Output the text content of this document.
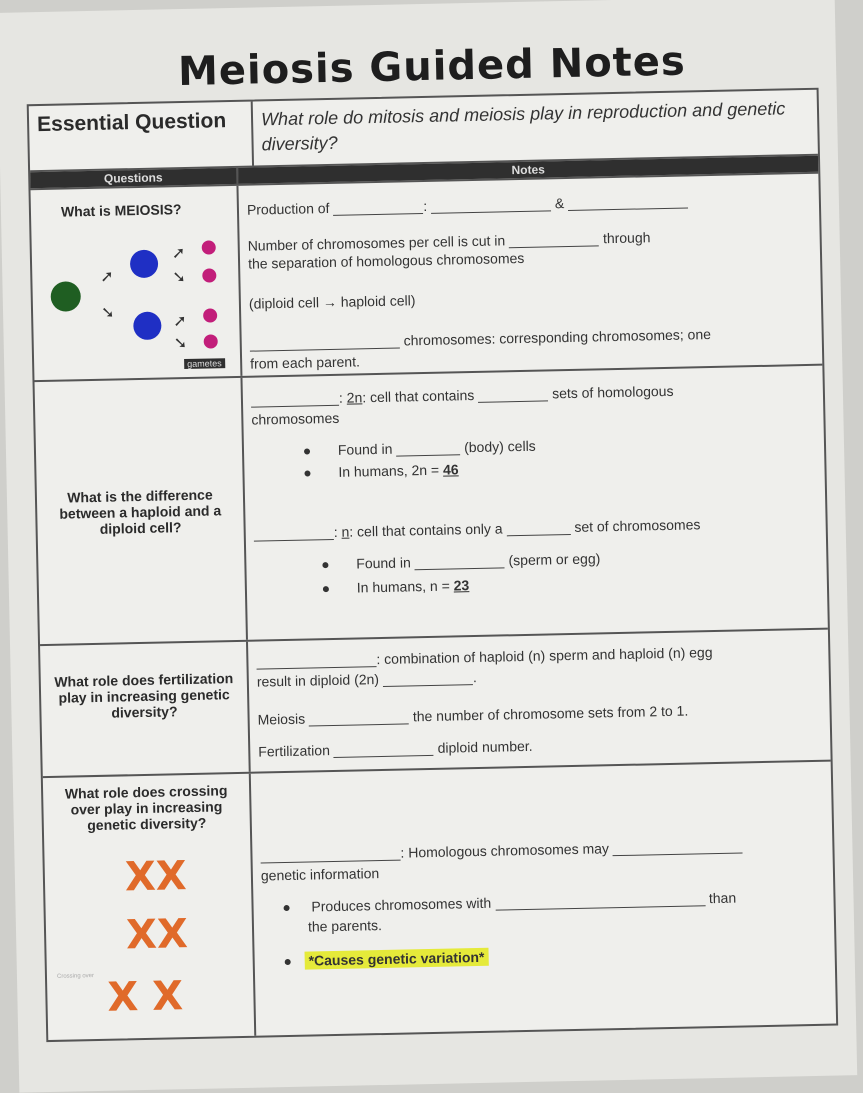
Meiosis Guided Notes
Essential Question	What role do mitosis and meiosis play in reproduction and genetic diversity?
Questions
Notes
What is MEIOSIS?
➚
➘
➚
➘
➚
➘
gametes
Production of	:	&
Number of chromosomes per cell is cut in	through
the separation of homologous chromosomes
(diploid cell → haploid cell)
chromosomes: corresponding chromosomes; one
from each parent.
What is the difference between a haploid and a diploid cell?
: 2n: cell that contains	sets of homologous
chromosomes
Found in	(body) cells
In humans, 2n = 46
: n: cell that contains only a	set of chromosomes
Found in	(sperm or egg)
In humans, n = 23
What role does fertilization play in increasing genetic diversity?
: combination of haploid (n) sperm and haploid (n) egg
result in diploid (2n)	.
Meiosis	the number of chromosome sets from 2 to 1.
Fertilization	diploid number.
What role does crossing over play in increasing genetic diversity?
XX
XX
X X
Crossing over
: Homologous chromosomes may
genetic information
Produces chromosomes with	than
the parents.
*Causes genetic variation*
